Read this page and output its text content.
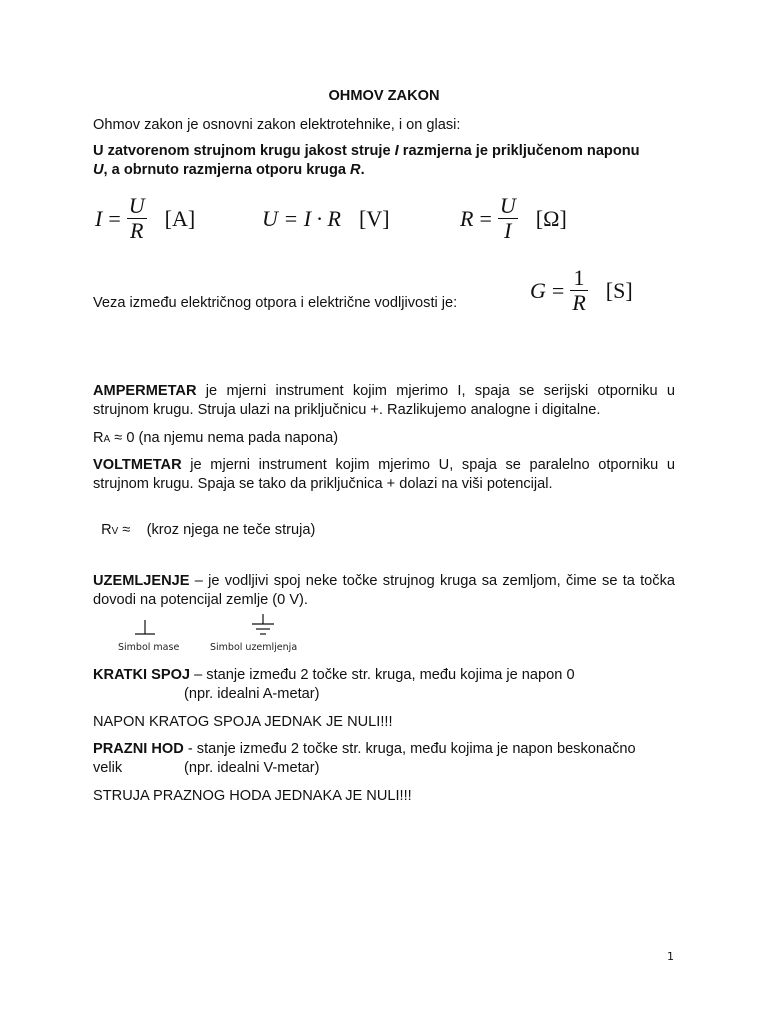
OHMOV ZAKON
Ohmov zakon je osnovni zakon elektrotehnike, i on glasi:
U zatvorenom strujnom krugu jakost struje I razmjerna je priključenom naponu
U, a obrnuto razmjerna otporu kruga R.
$I = \frac{U}{R} [A]$	U = I · R [V]	$R = \frac{U}{I} [\Omega]$
Veza između električnog otpora i električne vodljivosti je:
$G = \frac{1}{R} [S]$
AMPERMETAR je mjerni instrument kojim mjerimo I, spaja se serijski otporniku u strujnom krugu. Struja ulazi na priključnicu +. Razlikujemo analogne i digitalne.
RA ≈ 0 (na njemu nema pada napona)
VOLTMETAR je mjerni instrument kojim mjerimo U, spaja se paralelno otporniku u strujnom krugu. Spaja se tako da priključnica + dolazi na viši potencijal.

RV ≈    (kroz njega ne teče struja)

UZEMLJENJE – je vodljivi spoj neke točke strujnog kruga sa zemljom, čime se ta točka dovodi na potencijal zemlje (0 V).
Simbol mase	Simbol uzemljenja
KRATKI SPOJ – stanje između 2 točke str. kruga, među kojima je napon 0
(npr. idealni A-metar)
NAPON KRATOG SPOJA JEDNAK JE NULI!!!
PRAZNI HOD - stanje između 2 točke str. kruga, među kojima je napon beskonačno
velik	(npr. idealni V-metar)
STRUJA PRAZNOG HODA JEDNAKA JE NULI!!!
1
